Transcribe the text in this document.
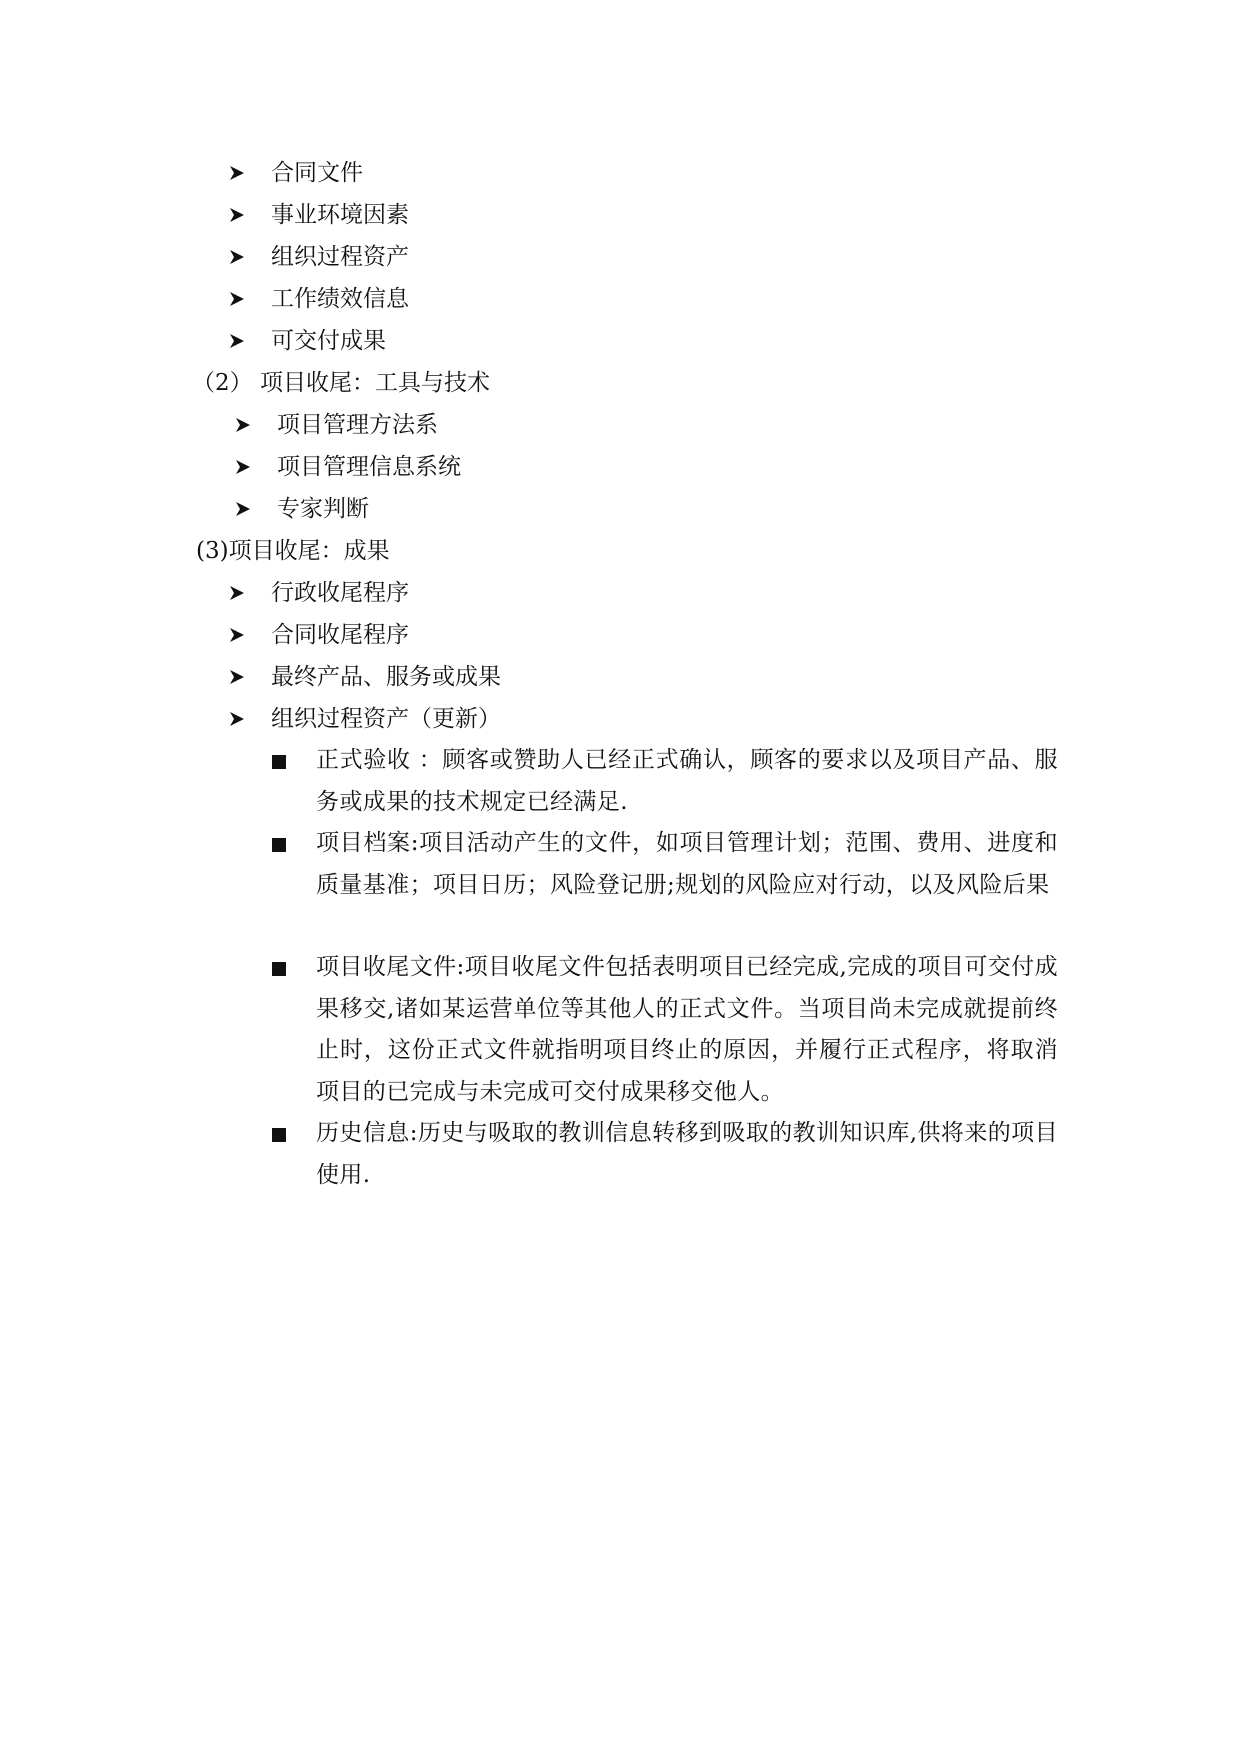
合同文件
事业环境因素
组织过程资产
工作绩效信息
可交付成果
（2） 项目收尾：工具与技术
项目管理方法系
项目管理信息系统
专家判断
(3)项目收尾：成果
行政收尾程序
合同收尾程序
最终产品、服务或成果
组织过程资产（更新）
正式验收 ：顾客或赞助人已经正式确认，顾客的要求以及项目产品、服务或成果的技术规定已经满足.
项目档案:项目活动产生的文件，如项目管理计划；范围、费用、进度和质量基准；项目日历；风险登记册;规划的风险应对行动，以及风险后果
项目收尾文件:项目收尾文件包括表明项目已经完成,完成的项目可交付成果移交,诸如某运营单位等其他人的正式文件。当项目尚未完成就提前终止时，这份正式文件就指明项目终止的原因，并履行正式程序，将取消项目的已完成与未完成可交付成果移交他人。
历史信息:历史与吸取的教训信息转移到吸取的教训知识库,供将来的项目使用.
